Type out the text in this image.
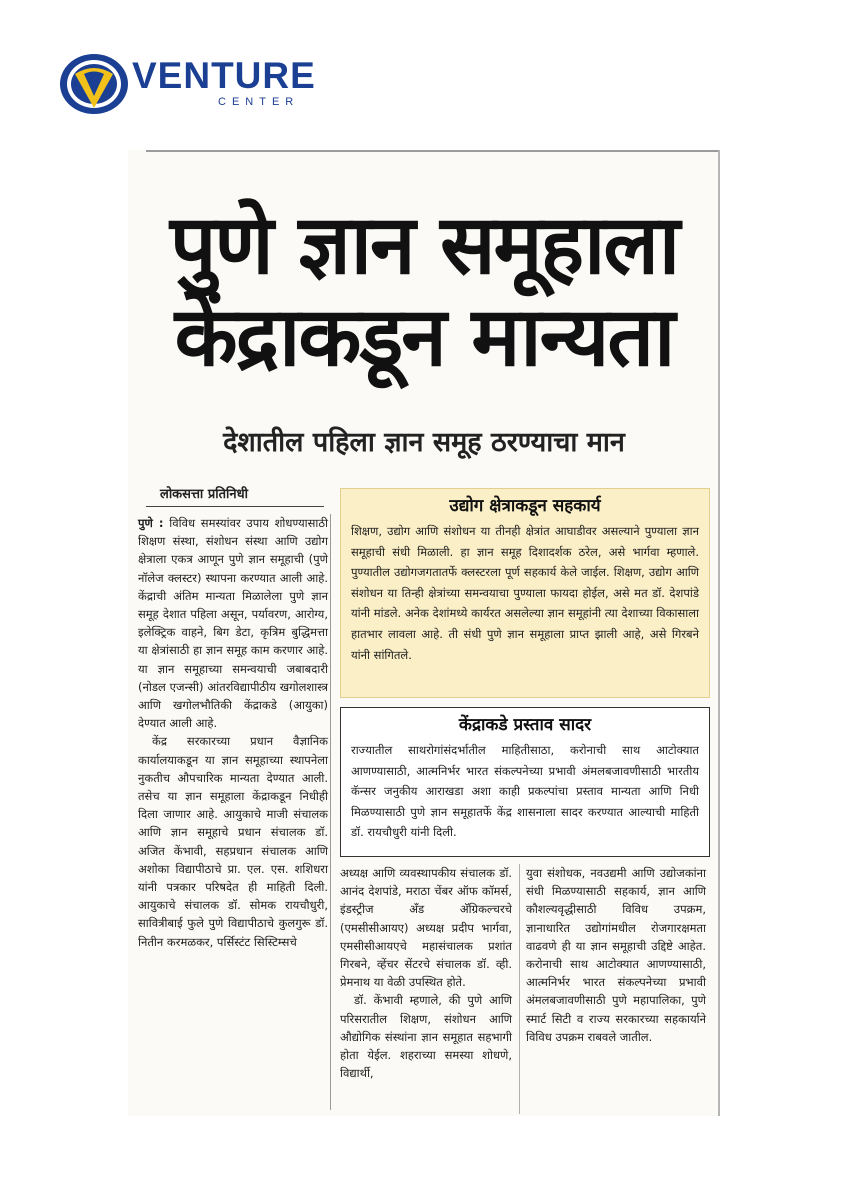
VENTURE
CENTER
पुणे ज्ञान समूहाला
केंद्राकडून मान्यता
देशातील पहिला ज्ञान समूह ठरण्याचा मान
लोकसत्ता प्रतिनिधी

पुणे : विविध समस्यांवर उपाय शोधण्यासाठी शिक्षण संस्था, संशोधन संस्था आणि उद्योग क्षेत्राला एकत्र आणून पुणे ज्ञान समूहाची (पुणे नॉलेज क्लस्टर) स्थापना करण्यात आली आहे. केंद्राची अंतिम मान्यता मिळालेला पुणे ज्ञान समूह देशात पहिला असून, पर्यावरण, आरोग्य, इलेक्ट्रिक वाहने, बिग डेटा, कृत्रिम बुद्धिमत्ता या क्षेत्रांसाठी हा ज्ञान समूह काम करणार आहे. या ज्ञान समूहाच्या समन्वयाची जबाबदारी (नोडल एजन्सी) आंतरविद्यापीठीय खगोलशास्त्र आणि खगोलभौतिकी केंद्राकडे (आयुका) देण्यात आली आहे.

केंद्र सरकारच्या प्रधान वैज्ञानिक कार्यालयाकडून या ज्ञान समूहाच्या स्थापनेला नुकतीच औपचारिक मान्यता देण्यात आली. तसेच या ज्ञान समूहाला केंद्राकडून निधीही दिला जाणार आहे. आयुकाचे माजी संचालक आणि ज्ञान समूहाचे प्रधान संचालक डॉ. अजित केंभावी, सहप्रधान संचालक आणि अशोका विद्यापीठाचे प्रा. एल. एस. शशिधरा यांनी पत्रकार परिषदेत ही माहिती दिली. आयुकाचे संचालक डॉ. सोमक रायचौधुरी, सावित्रीबाई फुले पुणे विद्यापीठाचे कुलगुरू डॉ. नितीन करमळकर, पर्सिस्टंट सिस्टिम्सचे

उद्योग क्षेत्राकडून सहकार्य
शिक्षण, उद्योग आणि संशोधन या तीनही क्षेत्रांत आघाडीवर असल्याने पुण्याला ज्ञान समूहाची संधी मिळाली. हा ज्ञान समूह दिशादर्शक ठरेल, असे भार्गवा म्हणाले. पुण्यातील उद्योगजगतातर्फे क्लस्टरला पूर्ण सहकार्य केले जाईल. शिक्षण, उद्योग आणि संशोधन या तिन्ही क्षेत्रांच्या समन्वयाचा पुण्याला फायदा होईल, असे मत डॉ. देशपांडे यांनी मांडले. अनेक देशांमध्ये कार्यरत असलेल्या ज्ञान समूहांनी त्या देशाच्या विकासाला हातभार लावला आहे. ती संधी पुणे ज्ञान समूहाला प्राप्त झाली आहे, असे गिरबने यांनी सांगितले.
केंद्राकडे प्रस्ताव सादर
राज्यातील साथरोगांसंदर्भातील माहितीसाठा, करोनाची साथ आटोक्यात आणण्यासाठी, आत्मनिर्भर भारत संकल्पनेच्या प्रभावी अंमलबजावणीसाठी भारतीय कॅन्सर जनुकीय आराखडा अशा काही प्रकल्पांचा प्रस्ताव मान्यता आणि निधी मिळण्यासाठी पुणे ज्ञान समूहातर्फे केंद्र शासनाला सादर करण्यात आल्याची माहिती डॉ. रायचौधुरी यांनी दिली.

अध्यक्ष आणि व्यवस्थापकीय संचालक डॉ. आनंद देशपांडे, मराठा चेंबर ऑफ कॉमर्स, इंडस्ट्रीज अँड अ‍ॅग्रिकल्चरचे (एमसीसीआयए) अध्यक्ष प्रदीप भार्गवा, एमसीसीआयएचे महासंचालक प्रशांत गिरबने, व्हेंचर सेंटरचे संचालक डॉ. व्ही. प्रेमनाथ या वेळी उपस्थित होते.

डॉ. केंभावी म्हणाले, की पुणे आणि परिसरातील शिक्षण, संशोधन आणि औद्योगिक संस्थांना ज्ञान समूहात सहभागी होता येईल. शहराच्या समस्या शोधणे, विद्यार्थी,

युवा संशोधक, नवउद्यमी आणि उद्योजकांना संधी मिळण्यासाठी सहकार्य, ज्ञान आणि कौशल्यवृद्धीसाठी विविध उपक्रम, ज्ञानाधारित उद्योगांमधील रोजगारक्षमता वाढवणे ही या ज्ञान समूहाची उद्दिष्टे आहेत. करोनाची साथ आटोक्यात आणण्यासाठी, आत्मनिर्भर भारत संकल्पनेच्या प्रभावी अंमलबजावणीसाठी पुणे महापालिका, पुणे स्मार्ट सिटी व राज्य सरकारच्या सहकार्याने विविध उपक्रम राबवले जातील.
